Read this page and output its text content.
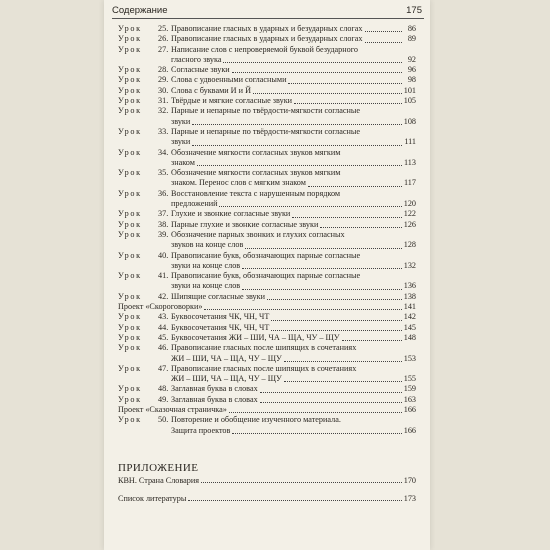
Содержание	175
Урок	25. Правописание гласных в ударных и безударных слогах	86
Урок	26. Правописание гласных в ударных и безударных слогах	89
Урок	27. Написание слов с непроверяемой буквой безударного
гласного звука	92
Урок	28. Согласные звуки	96
Урок	29. Слова с удвоенными согласными	98
Урок	30. Слова с буквами И и Й	101
Урок	31. Твёрдые и мягкие согласные звуки	105
Урок	32. Парные и непарные по твёрдости-мягкости согласные
звуки	108
Урок	33. Парные и непарные по твёрдости-мягкости согласные
звуки	111
Урок	34. Обозначение мягкости согласных звуков мягким
знаком	113
Урок	35. Обозначение мягкости согласных звуков мягким
знаком. Перенос слов с мягким знаком	117
Урок	36. Восстановление текста с нарушенным порядком
предложений	120
Урок	37. Глухие и звонкие согласные звуки	122
Урок	38. Парные глухие и звонкие согласные звуки	126
Урок	39. Обозначение парных звонких и глухих согласных
звуков на конце слов	128
Урок	40. Правописание букв, обозначающих парные согласные
звуки на конце слов	132
Урок	41. Правописание букв, обозначающих парные согласные
звуки на конце слов	136
Урок	42. Шипящие согласные звуки	138
Проект «Скороговорки»	141
Урок	43. Буквосочетания ЧК, ЧН, ЧТ	142
Урок	44. Буквосочетания ЧК, ЧН, ЧТ	145
Урок	45. Буквосочетания ЖИ – ШИ, ЧА – ЩА, ЧУ – ЩУ	148
Урок	46. Правописание гласных после шипящих в сочетаниях
ЖИ – ШИ, ЧА – ЩА, ЧУ – ЩУ	153
Урок	47. Правописание гласных после шипящих в сочетаниях
ЖИ – ШИ, ЧА – ЩА, ЧУ – ЩУ	155
Урок	48. Заглавная буква в словах	159
Урок	49. Заглавная буква в словах	163
Проект «Сказочная страничка»	166
Урок	50. Повторение и обобщение изученного материала.
Защита проектов	166
ПРИЛОЖЕНИЕ
КВН. Страна Словария	170
Список литературы	173
